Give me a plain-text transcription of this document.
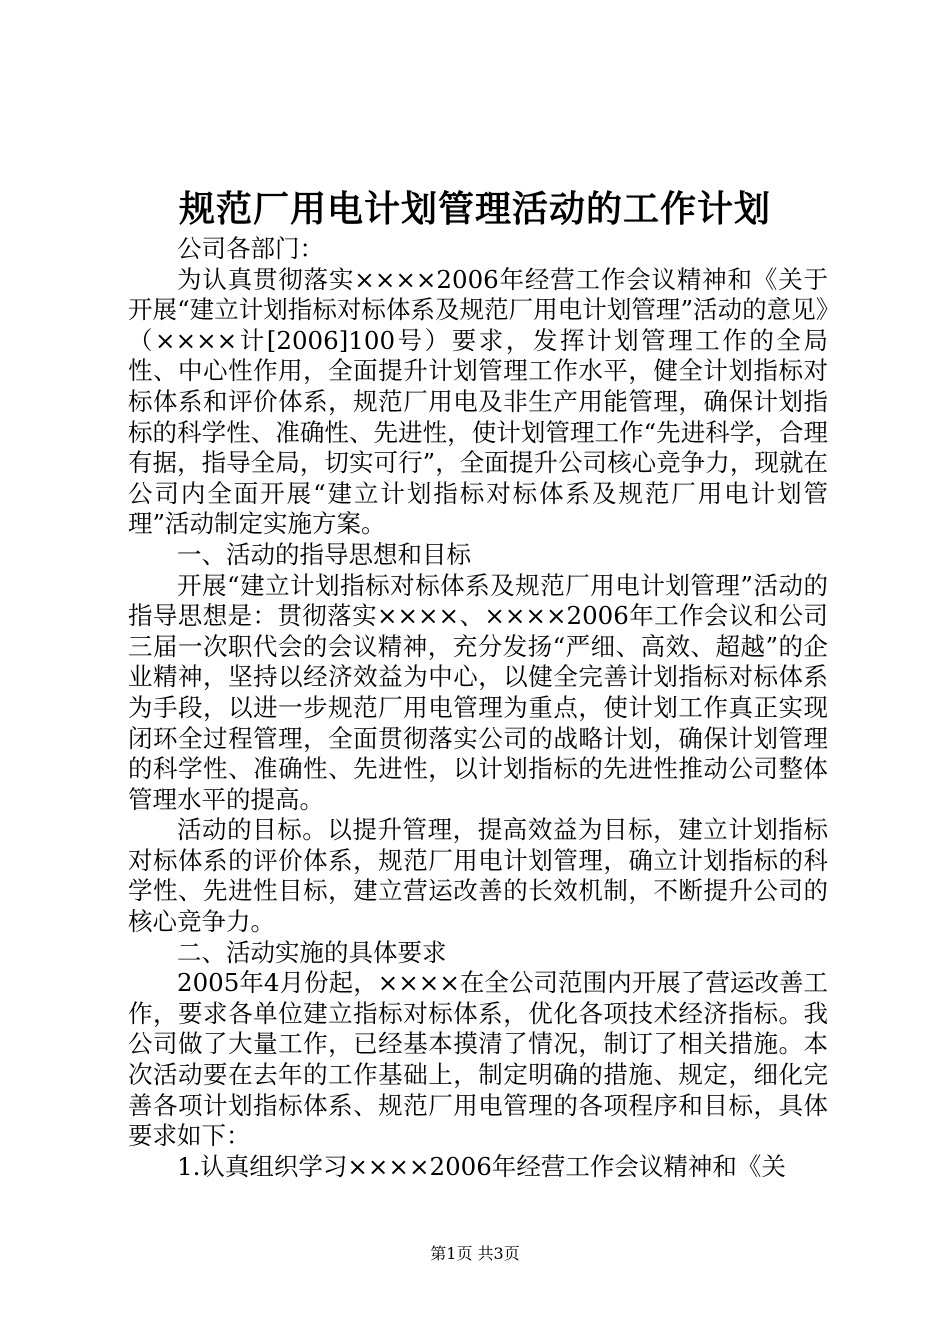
规范厂用电计划管理活动的工作计划

公司各部门：

为认真贯彻落实××××2006年经营工作会议精神和《关于开展“建立计划指标对标体系及规范厂用电计划管理”活动的意见》（××××计[2006]100号）要求，发挥计划管理工作的全局性、中心性作用，全面提升计划管理工作水平，健全计划指标对标体系和评价体系，规范厂用电及非生产用能管理，确保计划指标的科学性、准确性、先进性，使计划管理工作“先进科学，合理有据，指导全局，切实可行”，全面提升公司核心竞争力，现就在公司内全面开展“建立计划指标对标体系及规范厂用电计划管理”活动制定实施方案。

一、活动的指导思想和目标

开展“建立计划指标对标体系及规范厂用电计划管理”活动的指导思想是：贯彻落实××××、××××2006年工作会议和公司三届一次职代会的会议精神，充分发扬“严细、高效、超越”的企业精神，坚持以经济效益为中心，以健全完善计划指标对标体系为手段，以进一步规范厂用电管理为重点，使计划工作真正实现闭环全过程管理，全面贯彻落实公司的战略计划，确保计划管理的科学性、准确性、先进性，以计划指标的先进性推动公司整体管理水平的提高。

活动的目标。以提升管理，提高效益为目标，建立计划指标对标体系的评价体系，规范厂用电计划管理，确立计划指标的科学性、先进性目标，建立营运改善的长效机制，不断提升公司的核心竞争力。

二、活动实施的具体要求

2005年4月份起，××××在全公司范围内开展了营运改善工作，要求各单位建立指标对标体系，优化各项技术经济指标。我公司做了大量工作，已经基本摸清了情况，制订了相关措施。本次活动要在去年的工作基础上，制定明确的措施、规定，细化完善各项计划指标体系、规范厂用电管理的各项程序和目标，具体要求如下：

1.认真组织学习××××2006年经营工作会议精神和《关

第1页 共3页
